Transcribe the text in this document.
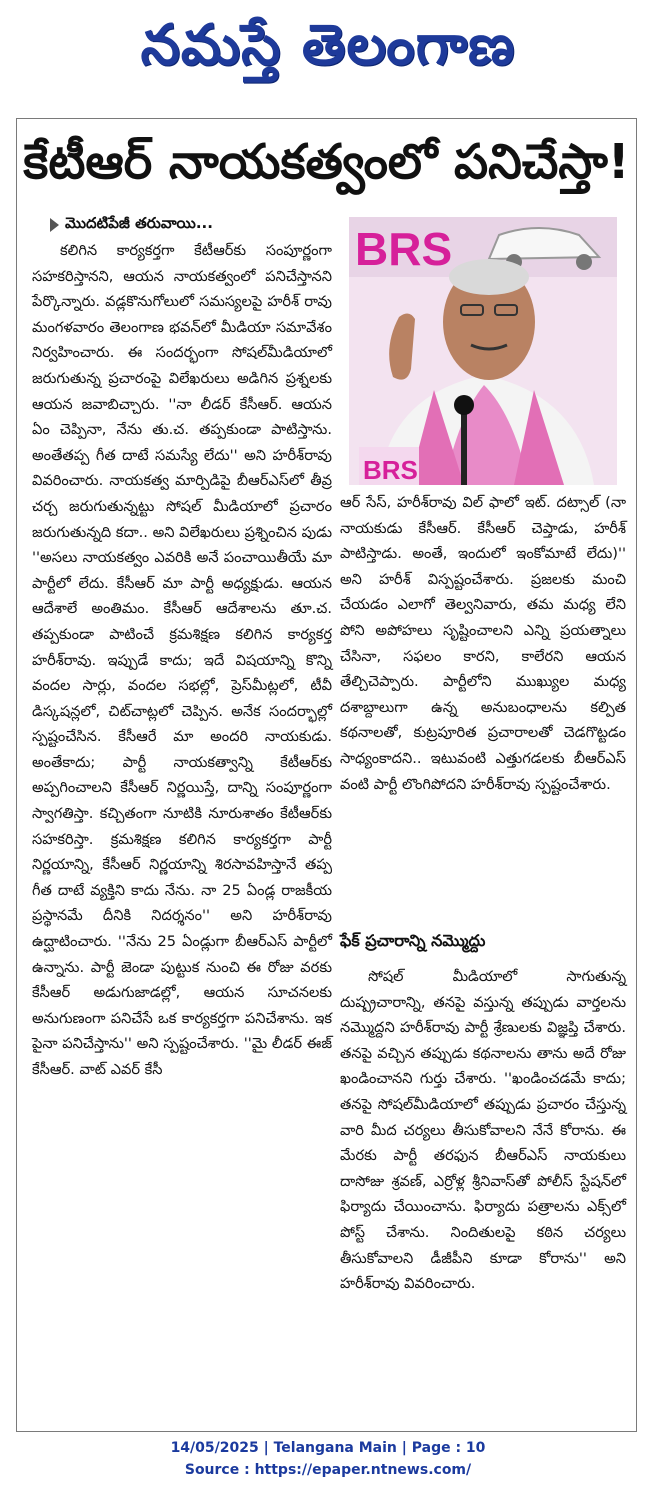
నమస్తే తెలంగాణ
కేటీఆర్ నాయకత్వంలో పనిచేస్తా!
మొదటిపేజీ తరువాయి...

కలిగిన కార్యకర్తగా కేటీఆర్‌కు సంపూర్ణంగా సహకరిస్తానని, ఆయన నాయకత్వంలో పనిచేస్తానని పేర్కొన్నారు. వడ్లకొనుగోలులో సమస్యలపై హరీశ్ రావు మంగళవారం తెలంగాణ భవన్‌లో మీడియా సమావేశం నిర్వహించారు. ఈ సందర్భంగా సోషల్‌మీడియాలో జరుగుతున్న ప్రచారంపై విలేఖరులు అడిగిన ప్రశ్నలకు ఆయన జవాబిచ్చారు. ''నా లీడర్ కేసీఆర్. ఆయన ఏం చెప్పినా, నేను తు.చ. తప్పకుండా పాటిస్తాను. అంతేతప్ప గీత దాటే సమస్యే లేదు'' అని హరీశ్‌రావు వివరించారు. నాయకత్వ మార్పిడిపై బీఆర్‌ఎస్‌లో తీవ్ర చర్చ జరుగుతున్నట్టు సోషల్ మీడియాలో ప్రచారం జరుగుతున్నది కదా.. అని విలేఖరులు ప్రశ్నించిన పుడు ''అసలు నాయకత్వం ఎవరికి అనే పంచాయితీయే మా పార్టీలో లేదు. కేసీఆర్ మా పార్టీ అధ్యక్షుడు. ఆయన ఆదేశాలే అంతిమం. కేసీఆర్ ఆదేశాలను తూ.చ. తప్పకుండా పాటించే క్రమశిక్షణ కలిగిన కార్యకర్త హరీశ్‌రావు. ఇప్పుడే కాదు; ఇదే విషయాన్ని కొన్ని వందల సార్లు, వందల సభల్లో, ప్రెస్‌మీట్లలో, టీవీ డిస్కషన్లలో, చిట్‌చాట్లలో చెప్పిన. అనేక సందర్భాల్లో స్పష్టంచేసిన. కేసీఆరే మా అందరి నాయకుడు. అంతేకాదు; పార్టీ నాయకత్వాన్ని కేటీఆర్‌కు అప్పగించాలని కేసీఆర్ నిర్ణయిస్తే, దాన్ని సంపూర్ణంగా స్వాగతిస్తా. కచ్చితంగా నూటికి నూరుశాతం కేటీఆర్‌కు సహకరిస్తా. క్రమశిక్షణ కలిగిన కార్యకర్తగా పార్టీ నిర్ణయాన్ని, కేసీఆర్ నిర్ణయాన్ని శిరసావహిస్తానే తప్ప గీత దాటే వ్యక్తిని కాదు నేను. నా 25 ఏండ్ల రాజకీయ ప్రస్థానమే దీనికి నిదర్శనం'' అని హరీశ్‌రావు ఉద్ఘాటించారు. ''నేను 25 ఏండ్లుగా బీఆర్‌ఎస్ పార్టీలో ఉన్నాను. పార్టీ జెండా పుట్టుక నుంచి ఈ రోజు వరకు కేసీఆర్ అడుగుజాడల్లో, ఆయన సూచనలకు అనుగుణంగా పనిచేసే ఒక కార్యకర్తగా పనిచేశాను. ఇక పైనా పనిచేస్తాను'' అని స్పష్టంచేశారు. ''మై లీడర్ ఈజ్ కేసీఆర్. వాట్ ఎవర్ కేసీ

BRS
BRS

ఆర్ సేస్, హరీశ్‌రావు విల్ ఫాలో ఇట్. దట్సాల్ (నా నాయకుడు కేసీఆర్. కేసీఆర్ చెప్తాడు, హరీశ్ పాటిస్తాడు. అంతే, ఇందులో ఇంకోమాటే లేదు)'' అని హరీశ్ విస్పష్టంచేశారు. ప్రజలకు మంచి చేయడం ఎలాగో తెల్వనివారు, తమ మధ్య లేని పోని అపోహలు సృష్టించాలని ఎన్ని ప్రయత్నాలు చేసినా, సఫలం కారని, కాలేరని ఆయన తేల్చిచెప్పారు. పార్టీలోని ముఖ్యుల మధ్య దశాబ్దాలుగా ఉన్న అనుబంధాలను కల్పిత కథనాలతో, కుట్రపూరిత ప్రచారాలతో చెడగొట్టడం సాధ్యంకాదని.. ఇటువంటి ఎత్తుగడలకు బీఆర్‌ఎస్ వంటి పార్టీ లొంగిపోదని హరీశ్‌రావు స్పష్టంచేశారు.

ఫేక్ ప్రచారాన్ని నమ్మొద్దు

సోషల్ మీడియాలో సాగుతున్న దుష్ప్రచారాన్ని, తనపై వస్తున్న తప్పుడు వార్తలను నమ్మొద్దని హరీశ్‌రావు పార్టీ శ్రేణులకు విజ్ఞప్తి చేశారు. తనపై వచ్చిన తప్పుడు కథనాలను తాను అదే రోజు ఖండించానని గుర్తు చేశారు. ''ఖండించడమే కాదు; తనపై సోషల్‌మీడియాలో తప్పుడు ప్రచారం చేస్తున్న వారి మీద చర్యలు తీసుకోవాలని నేనే కోరాను. ఈ మేరకు పార్టీ తరఫున బీఆర్‌ఎస్ నాయకులు దాసోజు శ్రవణ్, ఎర్రోళ్ల శ్రీనివాస్‌తో పోలీస్ స్టేషన్‌లో ఫిర్యాదు చేయించాను. ఫిర్యాదు పత్రాలను ఎక్స్‌లో పోస్ట్ చేశాను. నిందితులపై కఠిన చర్యలు తీసుకోవాలని డీజీపీని కూడా కోరాను'' అని హరీశ్‌రావు వివరించారు.

14/05/2025 | Telangana Main | Page : 10
Source : https://epaper.ntnews.com/
